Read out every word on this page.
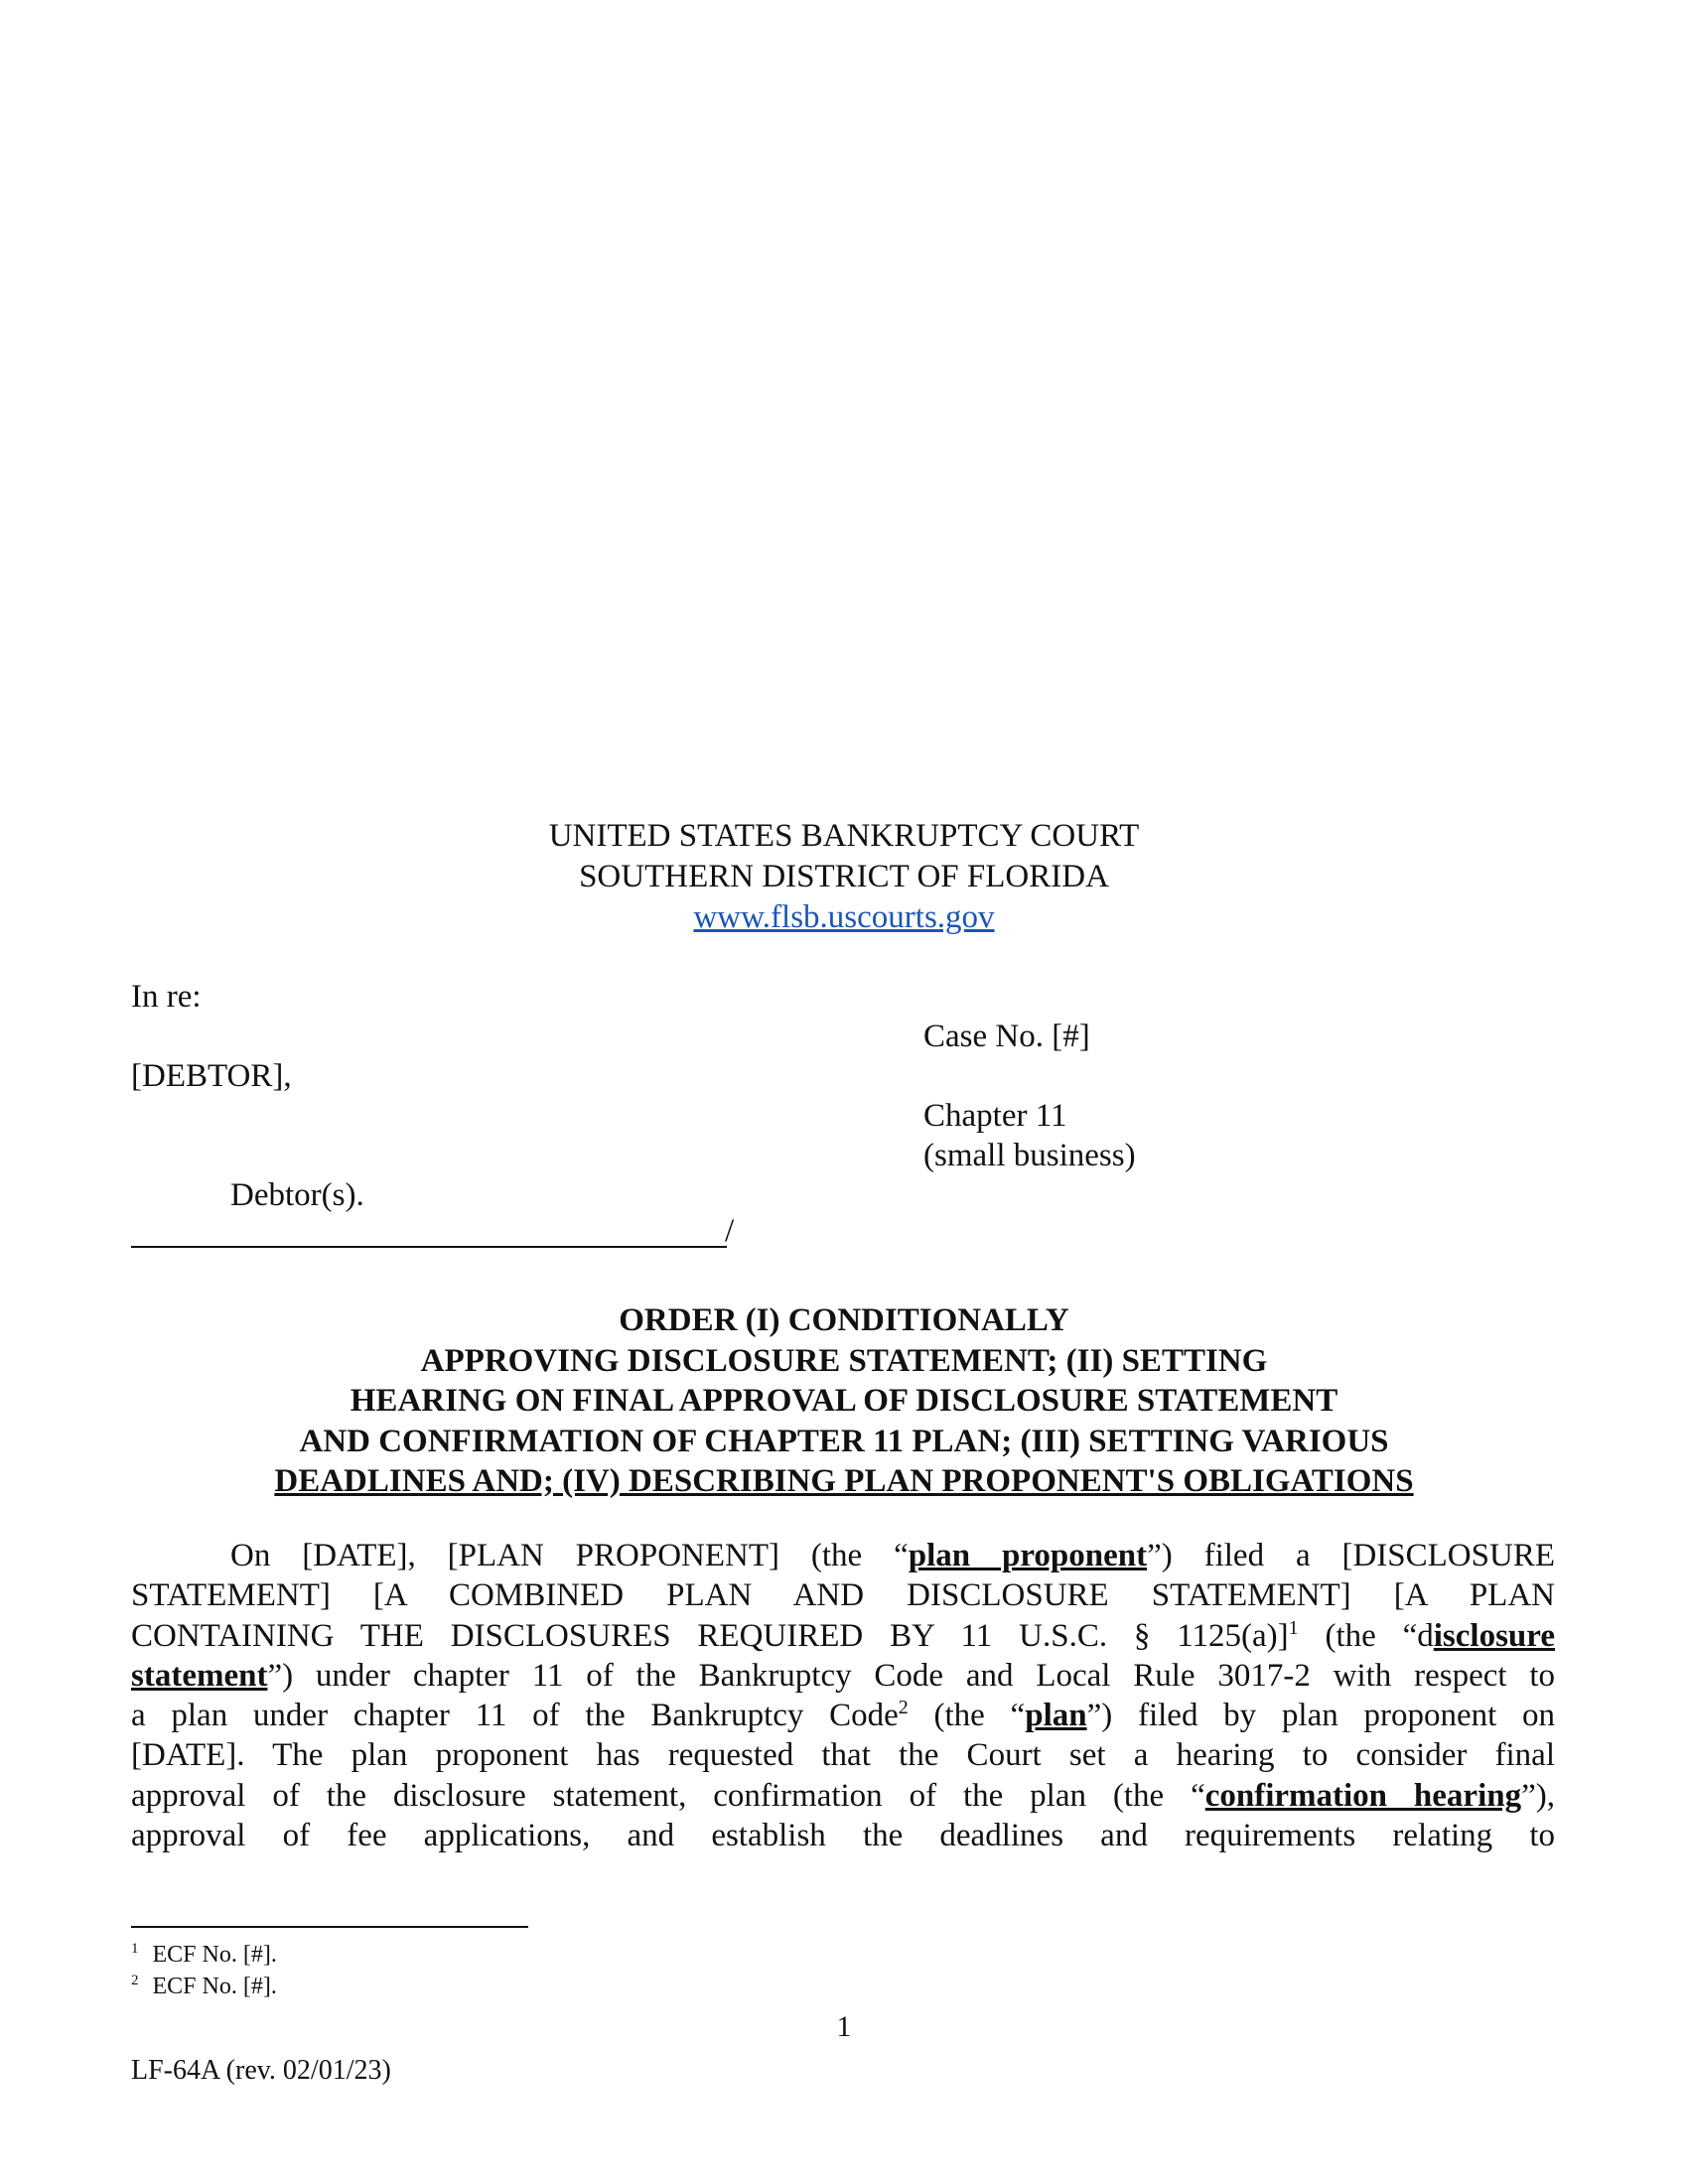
UNITED STATES BANKRUPTCY COURT
SOUTHERN DISTRICT OF FLORIDA
www.flsb.uscourts.gov
In re:
[DEBTOR],
Debtor(s).
/
Case No. [#]
Chapter 11
(small business)
ORDER (I) CONDITIONALLY
APPROVING DISCLOSURE STATEMENT; (II) SETTING
HEARING ON FINAL APPROVAL OF DISCLOSURE STATEMENT
AND CONFIRMATION OF CHAPTER 11 PLAN; (III) SETTING VARIOUS
DEADLINES AND; (IV) DESCRIBING PLAN PROPONENT'S OBLIGATIONS
On [DATE], [PLAN PROPONENT] (the “plan proponent”) filed a [DISCLOSURE
STATEMENT] [A COMBINED PLAN AND DISCLOSURE STATEMENT] [A PLAN
CONTAINING THE DISCLOSURES REQUIRED BY 11 U.S.C. § 1125(a)]$^1$ (the “disclosure
statement”) under chapter 11 of the Bankruptcy Code and Local Rule 3017-2 with respect to
a plan under chapter 11 of the Bankruptcy Code$^2$ (the “plan”) filed by plan proponent on
[DATE]. The plan proponent has requested that the Court set a hearing to consider final
approval of the disclosure statement, confirmation of the plan (the “confirmation hearing”),
approval of fee applications, and establish the deadlines and requirements relating to
$^1$ ECF No. [#].
$^2$ ECF No. [#].
1
LF-64A (rev. 02/01/23)
